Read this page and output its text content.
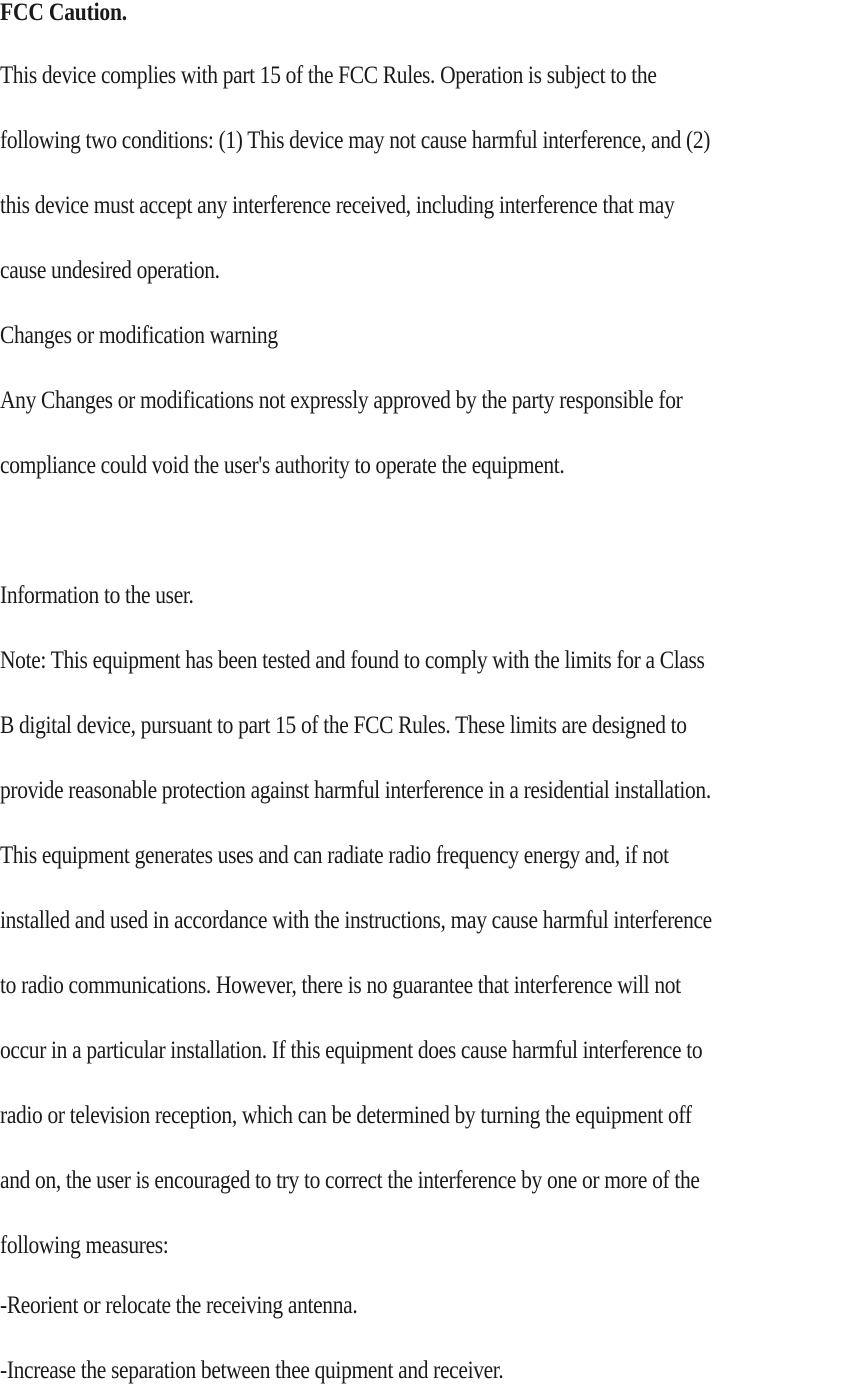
FCC Caution.
This device complies with part 15 of the FCC Rules. Operation is subject to the
following two conditions: (1) This device may not cause harmful interference, and (2)
this device must accept any interference received, including interference that may
cause undesired operation.
Changes or modification warning
Any Changes or modifications not expressly approved by the party responsible for
compliance could void the user's authority to operate the equipment.
Information to the user.
Note: This equipment has been tested and found to comply with the limits for a Class
B digital device, pursuant to part 15 of the FCC Rules. These limits are designed to
provide reasonable protection against harmful interference in a residential installation.
This equipment generates uses and can radiate radio frequency energy and, if not
installed and used in accordance with the instructions, may cause harmful interference
to radio communications. However, there is no guarantee that interference will not
occur in a particular installation. If this equipment does cause harmful interference to
radio or television reception, which can be determined by turning the equipment off
and on, the user is encouraged to try to correct the interference by one or more of the
following measures:
-Reorient or relocate the receiving antenna.
-Increase the separation between thee quipment and receiver.
